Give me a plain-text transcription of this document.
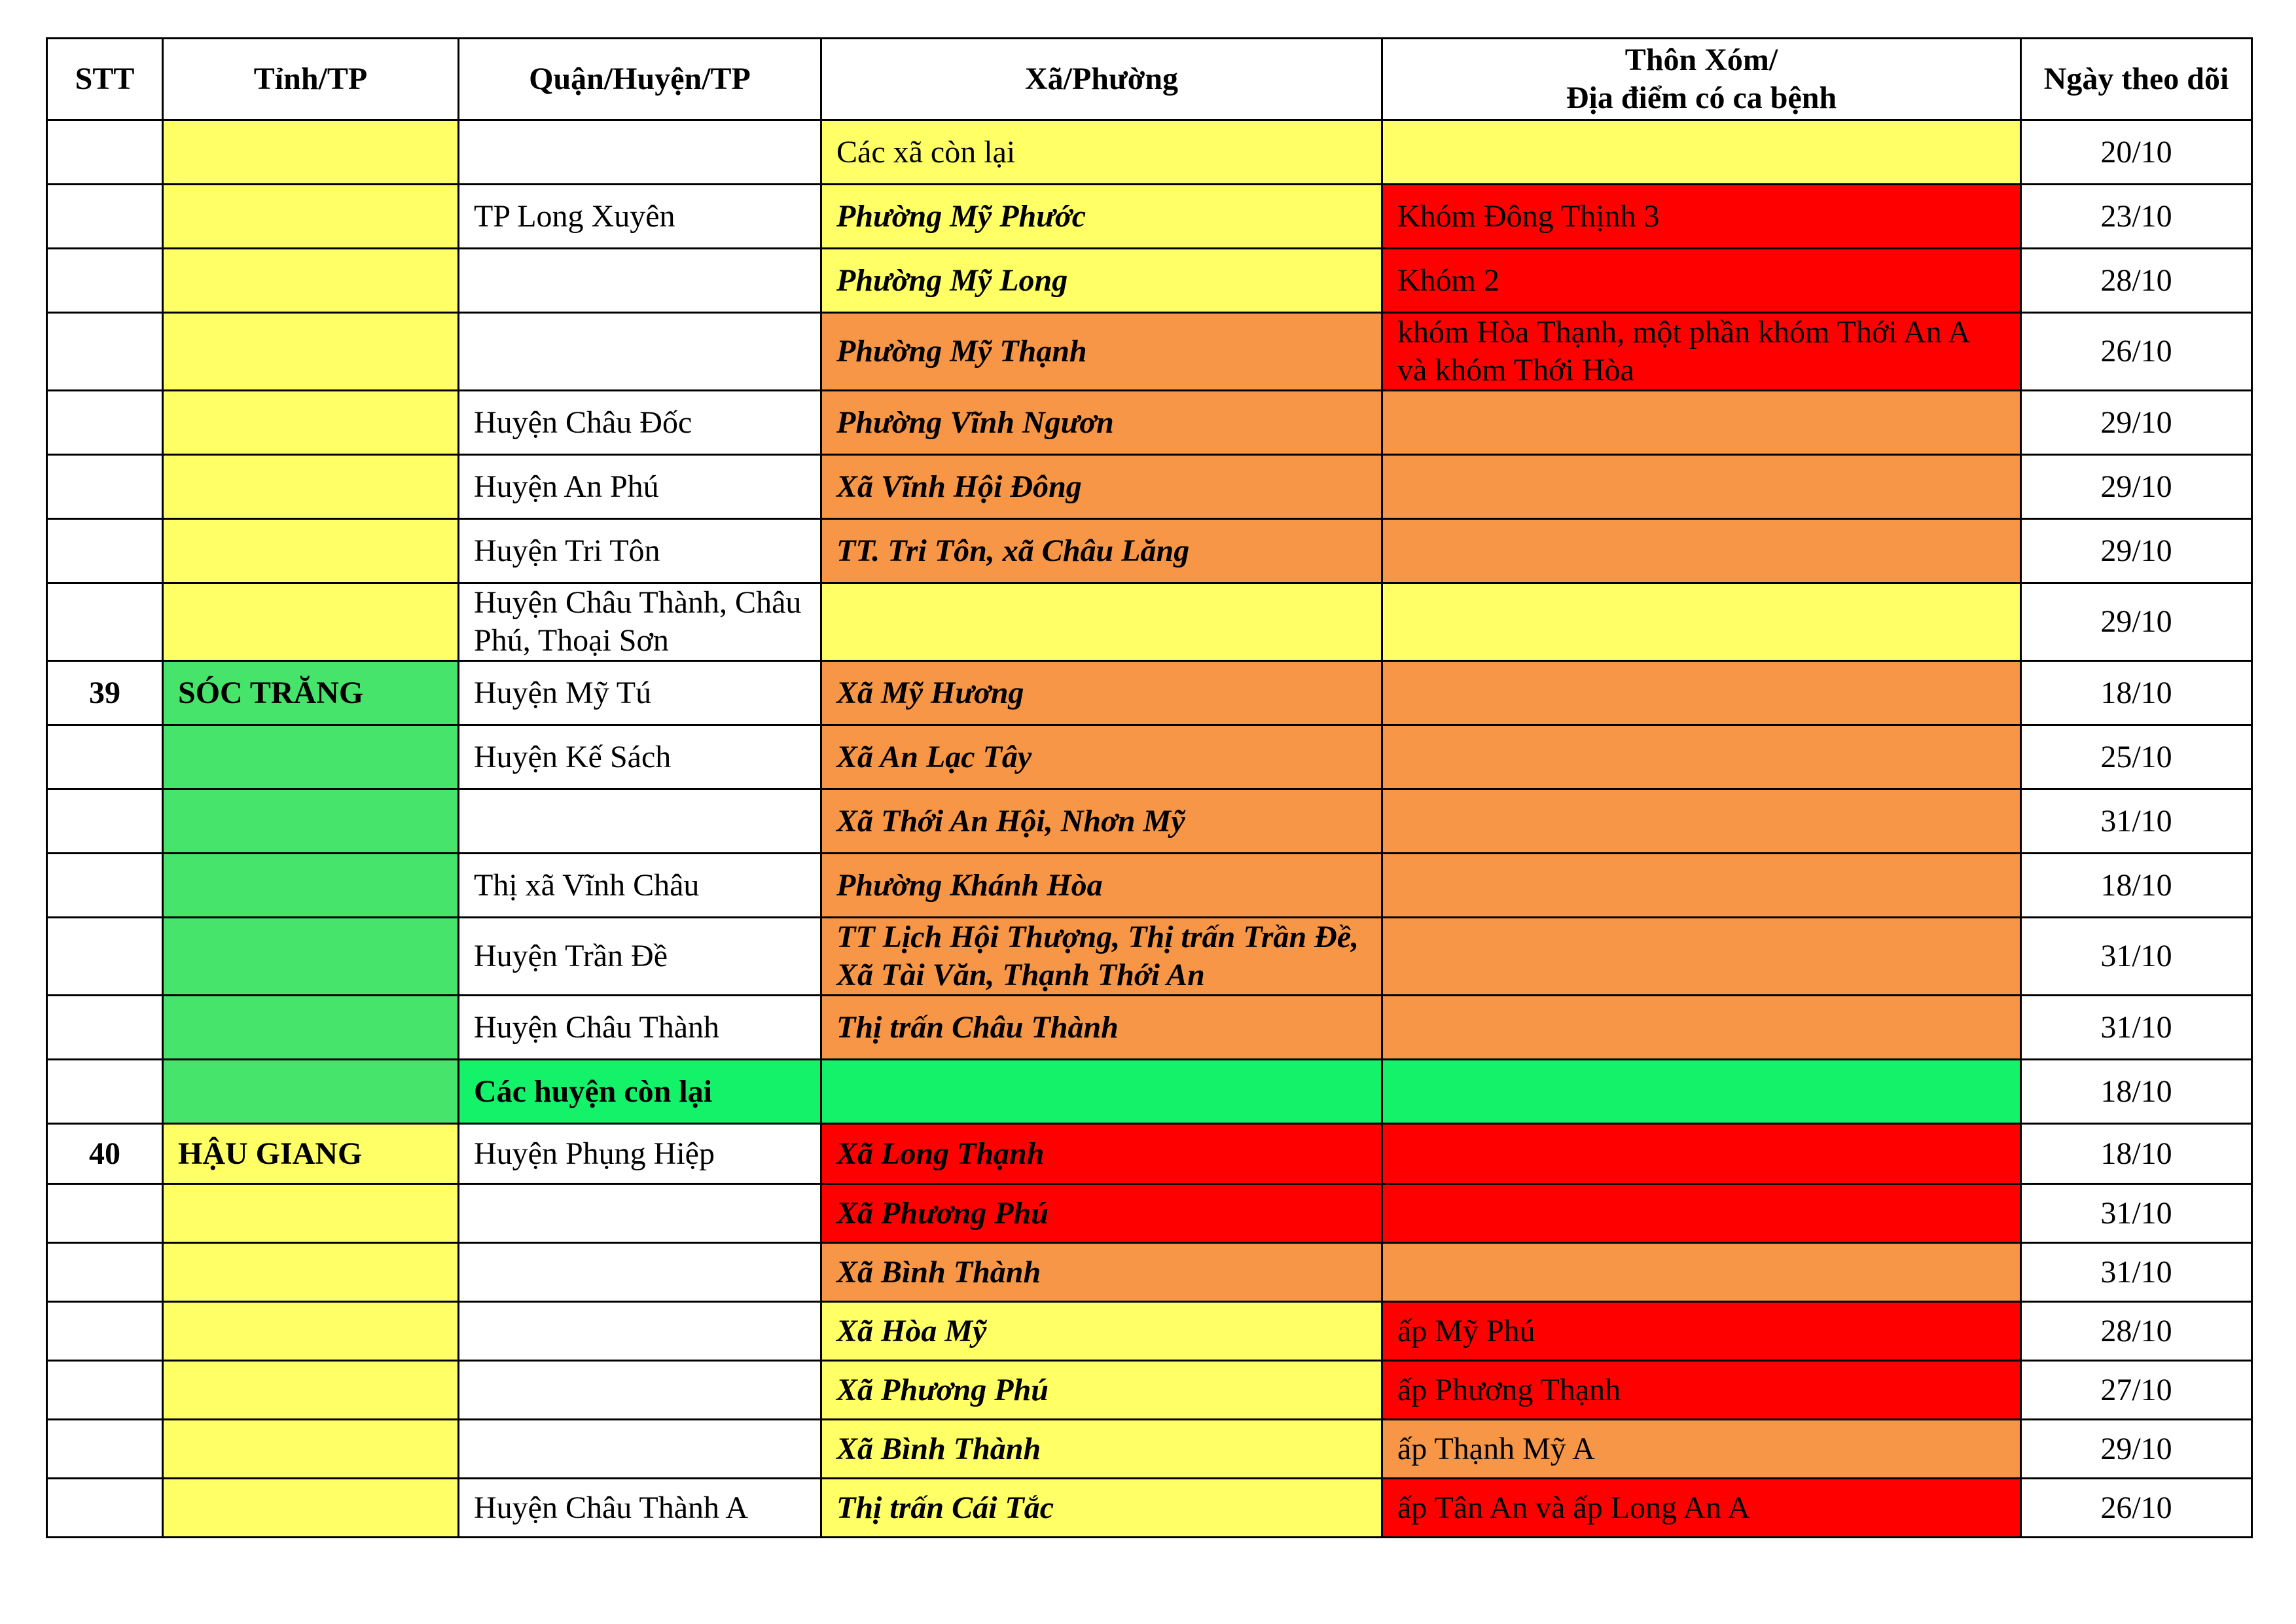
STT	Tỉnh/TP	Quận/Huyện/TP	Xã/Phường	Thôn Xóm/
Địa điểm có ca bệnh	Ngày theo dõi
			Các xã còn lại		20/10
		TP Long Xuyên	Phường Mỹ Phước	Khóm Đông Thịnh 3	23/10
			Phường Mỹ Long	Khóm 2	28/10
			Phường Mỹ Thạnh	khóm Hòa Thạnh, một phần khóm Thới An A và khóm Thới Hòa	26/10
		Huyện Châu Đốc	Phường Vĩnh Ngươn		29/10
		Huyện An Phú	Xã Vĩnh Hội Đông		29/10
		Huyện Tri Tôn	TT. Tri Tôn, xã Châu Lăng		29/10
		Huyện Châu Thành, Châu Phú, Thoại Sơn			29/10
39	SÓC TRĂNG	Huyện Mỹ Tú	Xã Mỹ Hương		18/10
		Huyện Kế Sách	Xã An Lạc Tây		25/10
			Xã Thới An Hội, Nhơn Mỹ		31/10
		Thị xã Vĩnh Châu	Phường Khánh Hòa		18/10
		Huyện Trần Đề	TT Lịch Hội Thượng, Thị trấn Trần Đề, Xã Tài Văn, Thạnh Thới An		31/10
		Huyện Châu Thành	Thị trấn Châu Thành		31/10
		Các huyện còn lại			18/10
40	HẬU GIANG	Huyện Phụng Hiệp	Xã Long Thạnh		18/10
			Xã Phương Phú		31/10
			Xã Bình Thành		31/10
			Xã Hòa Mỹ	ấp Mỹ Phú	28/10
			Xã Phương Phú	ấp Phương Thạnh	27/10
			Xã Bình Thành	ấp Thạnh Mỹ A	29/10
		Huyện Châu Thành A	Thị trấn Cái Tắc	ấp Tân An và ấp Long An A	26/10
